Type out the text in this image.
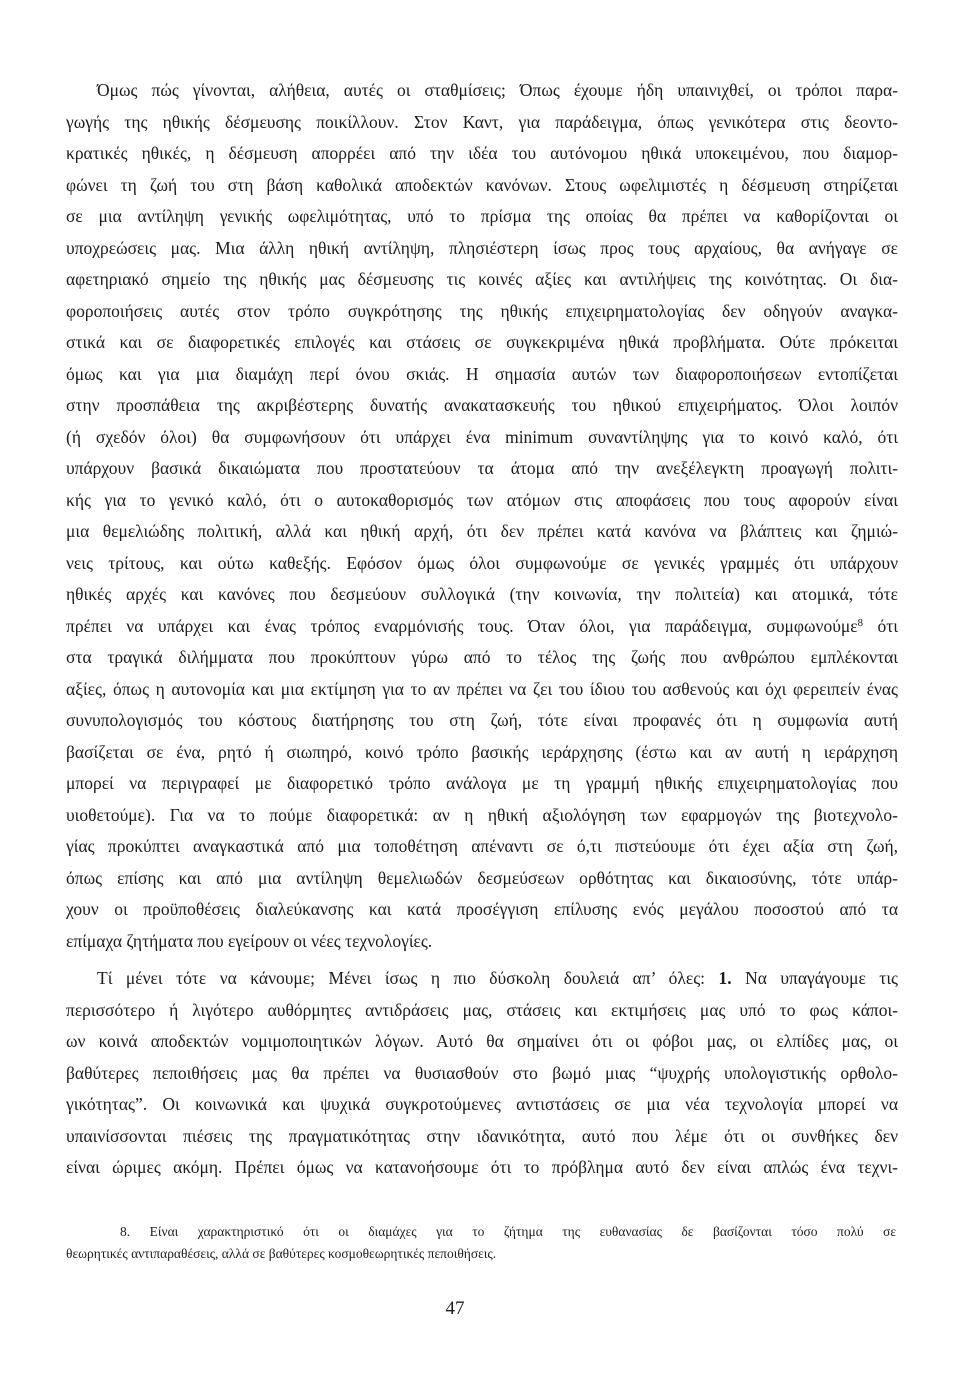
Όμως πώς γίνονται, αλήθεια, αυτές οι σταθμίσεις; Όπως έχουμε ήδη υπαινιχθεί, οι τρόποι παρα-
γωγής της ηθικής δέσμευσης ποικίλλουν. Στον Καντ, για παράδειγμα, όπως γενικότερα στις δεοντο-
κρατικές ηθικές, η δέσμευση απορρέει από την ιδέα του αυτόνομου ηθικά υποκειμένου, που διαμορ-
φώνει τη ζωή του στη βάση καθολικά αποδεκτών κανόνων. Στους ωφελιμιστές η δέσμευση στηρίζεται
σε μια αντίληψη γενικής ωφελιμότητας, υπό το πρίσμα της οποίας θα πρέπει να καθορίζονται οι
υποχρεώσεις μας. Μια άλλη ηθική αντίληψη, πλησιέστερη ίσως προς τους αρχαίους, θα ανήγαγε σε
αφετηριακό σημείο της ηθικής μας δέσμευσης τις κοινές αξίες και αντιλήψεις της κοινότητας. Οι δια-
φοροποιήσεις αυτές στον τρόπο συγκρότησης της ηθικής επιχειρηματολογίας δεν οδηγούν αναγκα-
στικά και σε διαφορετικές επιλογές και στάσεις σε συγκεκριμένα ηθικά προβλήματα. Ούτε πρόκειται
όμως και για μια διαμάχη περί όνου σκιάς. Η σημασία αυτών των διαφοροποιήσεων εντοπίζεται
στην προσπάθεια της ακριβέστερης δυνατής ανακατασκευής του ηθικού επιχειρήματος. Όλοι λοιπόν
(ή σχεδόν όλοι) θα συμφωνήσουν ότι υπάρχει ένα minimum συναντίληψης για το κοινό καλό, ότι
υπάρχουν βασικά δικαιώματα που προστατεύουν τα άτομα από την ανεξέλεγκτη προαγωγή πολιτι-
κής για το γενικό καλό, ότι ο αυτοκαθορισμός των ατόμων στις αποφάσεις που τους αφορούν είναι
μια θεμελιώδης πολιτική, αλλά και ηθική αρχή, ότι δεν πρέπει κατά κανόνα να βλάπτεις και ζημιώ-
νεις τρίτους, και ούτω καθεξής. Εφόσον όμως όλοι συμφωνούμε σε γενικές γραμμές ότι υπάρχουν
ηθικές αρχές και κανόνες που δεσμεύουν συλλογικά (την κοινωνία, την πολιτεία) και ατομικά, τότε
πρέπει να υπάρχει και ένας τρόπος εναρμόνισής τους. Όταν όλοι, για παράδειγμα, συμφωνούμε$^8$ ότι
στα τραγικά διλήμματα που προκύπτουν γύρω από το τέλος της ζωής που ανθρώπου εμπλέκονται
αξίες, όπως η αυτονομία και μια εκτίμηση για το αν πρέπει να ζει του ίδιου του ασθενούς και όχι φερειπείν ένας
συνυπολογισμός του κόστους διατήρησης του στη ζωή, τότε είναι προφανές ότι η συμφωνία αυτή
βασίζεται σε ένα, ρητό ή σιωπηρό, κοινό τρόπο βασικής ιεράρχησης (έστω και αν αυτή η ιεράρχηση
μπορεί να περιγραφεί με διαφορετικό τρόπο ανάλογα με τη γραμμή ηθικής επιχειρηματολογίας που
υιοθετούμε). Για να το πούμε διαφορετικά: αν η ηθική αξιολόγηση των εφαρμογών της βιοτεχνολο-
γίας προκύπτει αναγκαστικά από μια τοποθέτηση απέναντι σε ό,τι πιστεύουμε ότι έχει αξία στη ζωή,
όπως επίσης και από μια αντίληψη θεμελιωδών δεσμεύσεων ορθότητας και δικαιοσύνης, τότε υπάρ-
χουν οι προϋποθέσεις διαλεύκανσης και κατά προσέγγιση επίλυσης ενός μεγάλου ποσοστού από τα
επίμαχα ζητήματα που εγείρουν οι νέες τεχνολογίες.
Τί μένει τότε να κάνουμε; Μένει ίσως η πιο δύσκολη δουλειά απ’ όλες: 1. Να υπαγάγουμε τις
περισσότερο ή λιγότερο αυθόρμητες αντιδράσεις μας, στάσεις και εκτιμήσεις μας υπό το φως κάποι-
ων κοινά αποδεκτών νομιμοποιητικών λόγων. Αυτό θα σημαίνει ότι οι φόβοι μας, οι ελπίδες μας, οι
βαθύτερες πεποιθήσεις μας θα πρέπει να θυσιασθούν στο βωμό μιας “ψυχρής υπολογιστικής ορθολο-
γικότητας”. Οι κοινωνικά και ψυχικά συγκροτούμενες αντιστάσεις σε μια νέα τεχνολογία μπορεί να
υπαινίσσονται πιέσεις της πραγματικότητας στην ιδανικότητα, αυτό που λέμε ότι οι συνθήκες δεν
είναι ώριμες ακόμη. Πρέπει όμως να κατανοήσουμε ότι το πρόβλημα αυτό δεν είναι απλώς ένα τεχνι-
8. Είναι χαρακτηριστικό ότι οι διαμάχες για το ζήτημα της ευθανασίας δε βασίζονται τόσο πολύ σε
θεωρητικές αντιπαραθέσεις, αλλά σε βαθύτερες κοσμοθεωρητικές πεποιθήσεις.
47
